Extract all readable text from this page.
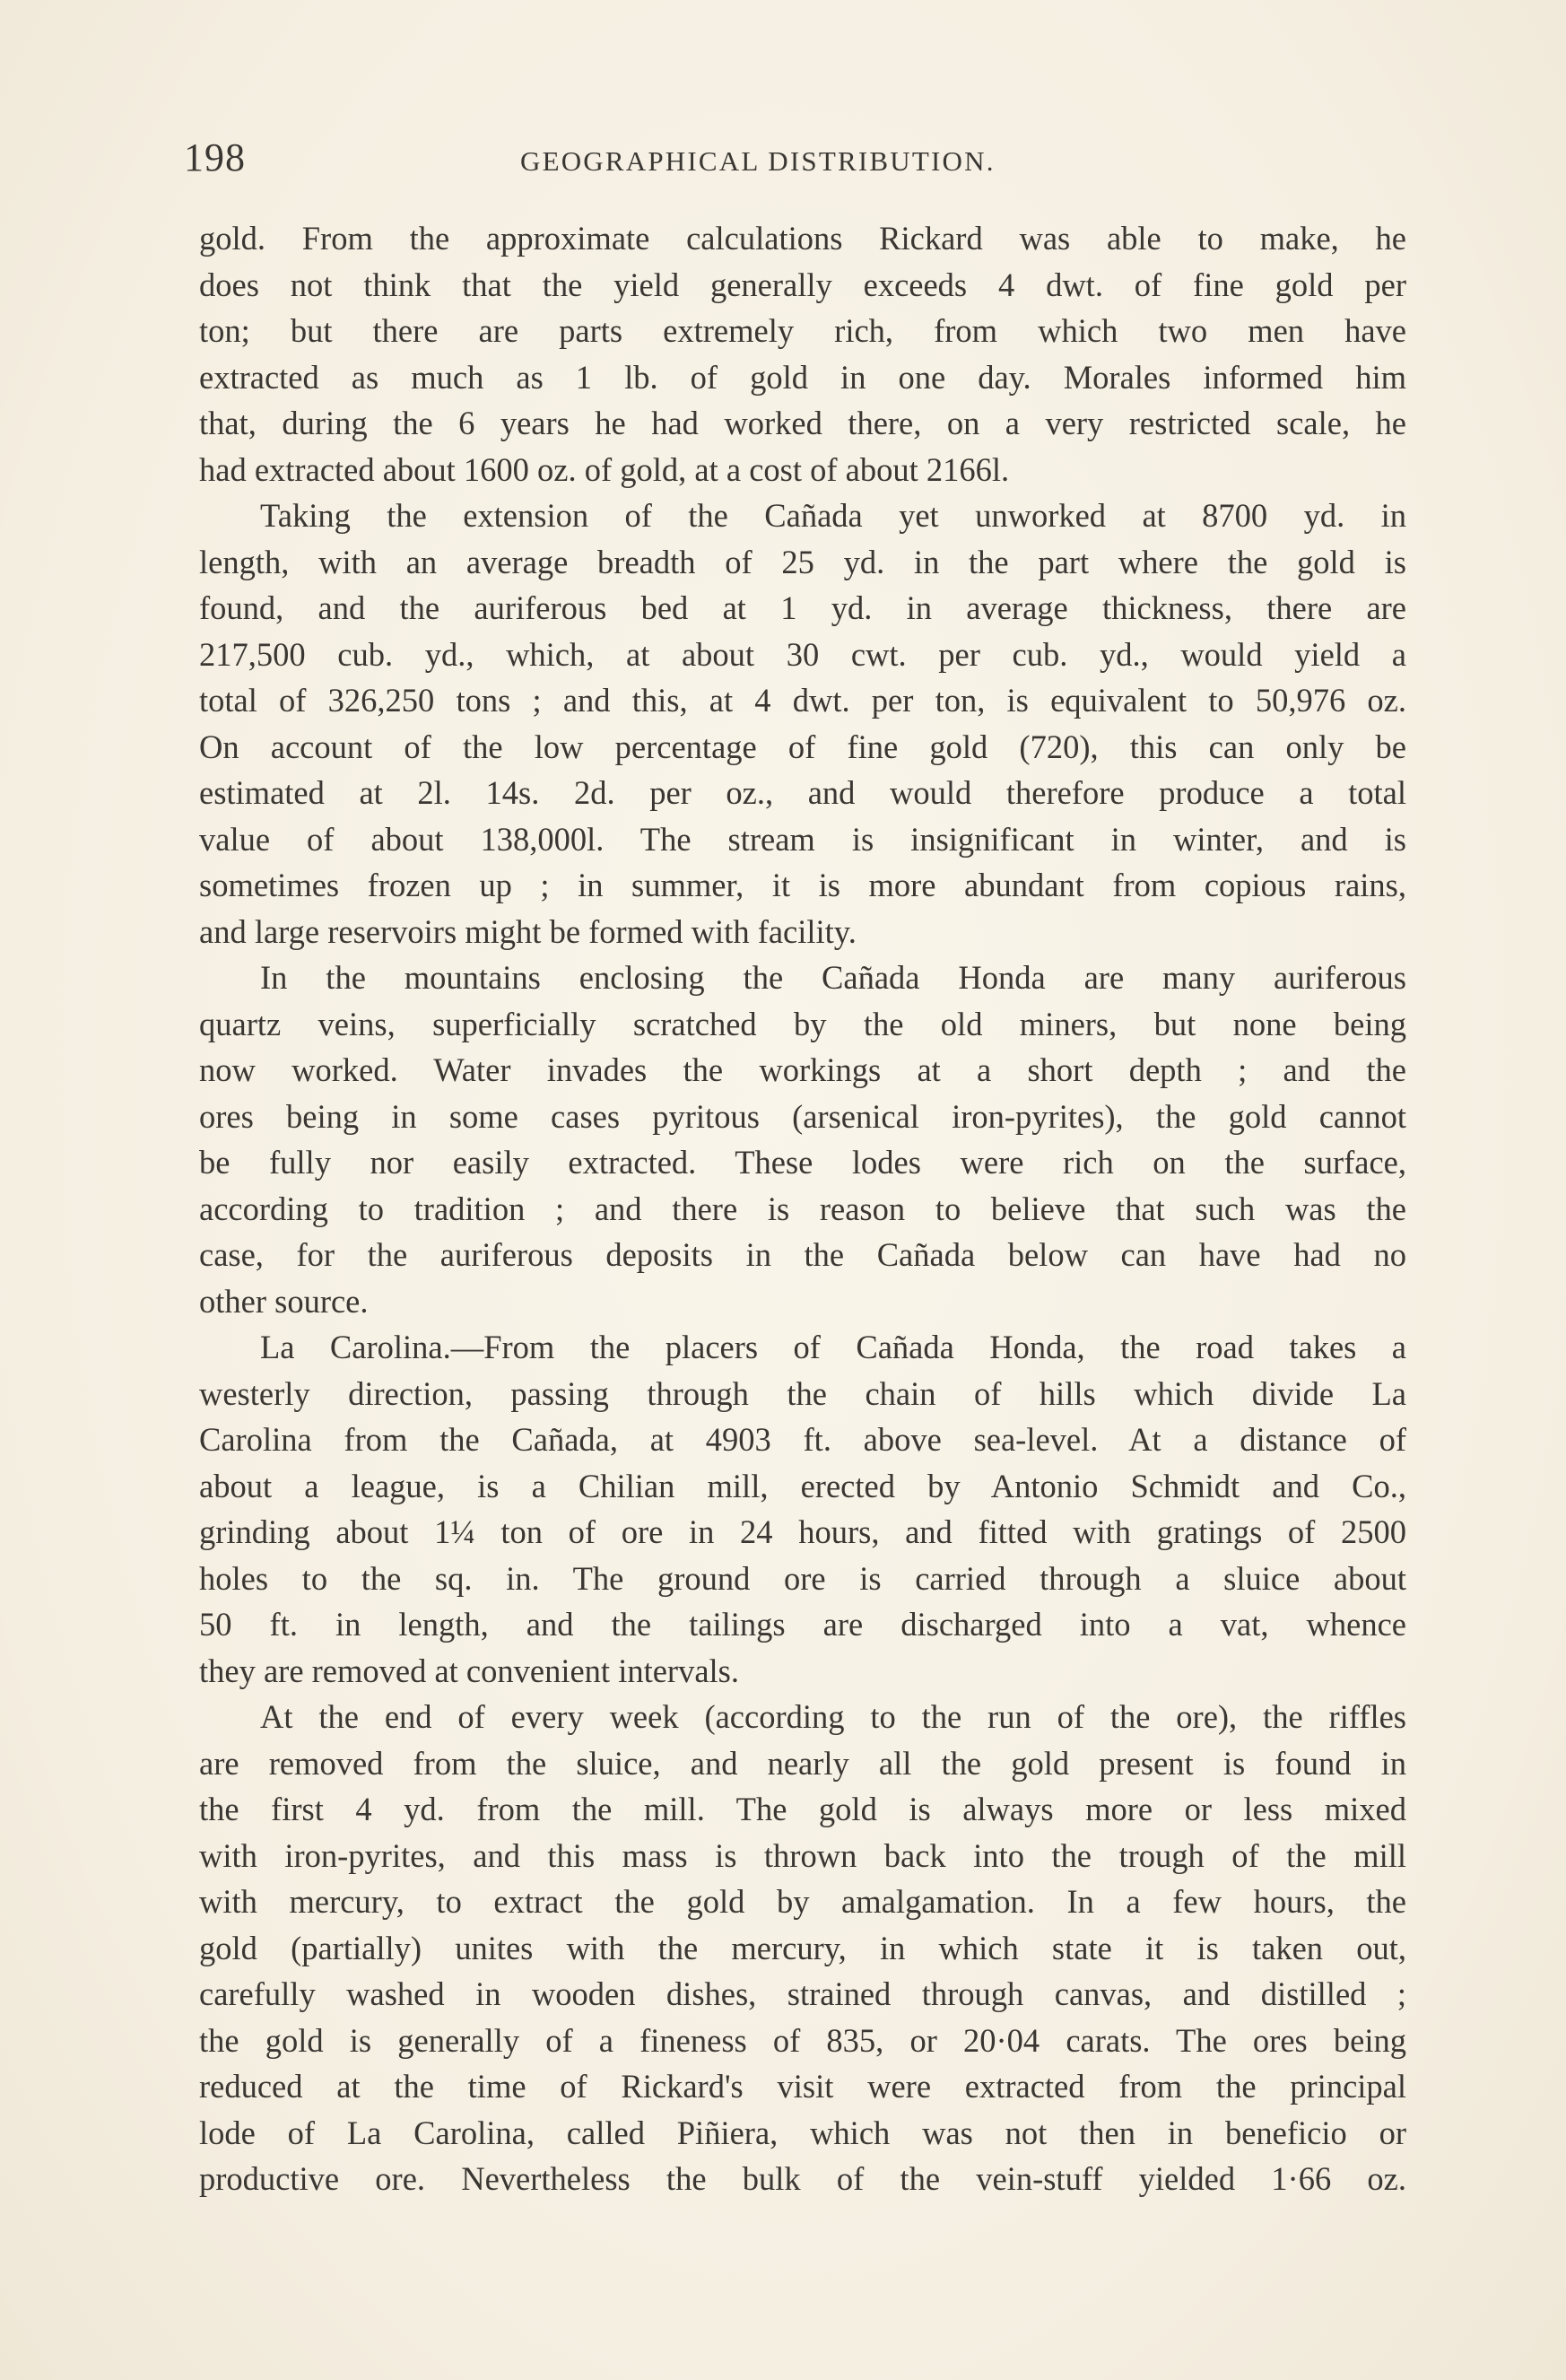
198	GEOGRAPHICAL DISTRIBUTION.
gold. From the approximate calculations Rickard was able to make, he
does not think that the yield generally exceeds 4 dwt. of fine gold per
ton; but there are parts extremely rich, from which two men have
extracted as much as 1 lb. of gold in one day. Morales informed him
that, during the 6 years he had worked there, on a very restricted scale, he
had extracted about 1600 oz. of gold, at a cost of about 2166l.
Taking the extension of the Cañada yet unworked at 8700 yd. in
length, with an average breadth of 25 yd. in the part where the gold is
found, and the auriferous bed at 1 yd. in average thickness, there are
217,500 cub. yd., which, at about 30 cwt. per cub. yd., would yield a
total of 326,250 tons ; and this, at 4 dwt. per ton, is equivalent to 50,976 oz.
On account of the low percentage of fine gold (720), this can only be
estimated at 2l. 14s. 2d. per oz., and would therefore produce a total
value of about 138,000l. The stream is insignificant in winter, and is
sometimes frozen up ; in summer, it is more abundant from copious rains,
and large reservoirs might be formed with facility.
In the mountains enclosing the Cañada Honda are many auriferous
quartz veins, superficially scratched by the old miners, but none being
now worked. Water invades the workings at a short depth ; and the
ores being in some cases pyritous (arsenical iron-pyrites), the gold cannot
be fully nor easily extracted. These lodes were rich on the surface,
according to tradition ; and there is reason to believe that such was the
case, for the auriferous deposits in the Cañada below can have had no
other source.
La Carolina.—From the placers of Cañada Honda, the road takes a
westerly direction, passing through the chain of hills which divide La
Carolina from the Cañada, at 4903 ft. above sea-level. At a distance of
about a league, is a Chilian mill, erected by Antonio Schmidt and Co.,
grinding about 1¼ ton of ore in 24 hours, and fitted with gratings of 2500
holes to the sq. in. The ground ore is carried through a sluice about
50 ft. in length, and the tailings are discharged into a vat, whence
they are removed at convenient intervals.
At the end of every week (according to the run of the ore), the riffles
are removed from the sluice, and nearly all the gold present is found in
the first 4 yd. from the mill. The gold is always more or less mixed
with iron-pyrites, and this mass is thrown back into the trough of the mill
with mercury, to extract the gold by amalgamation. In a few hours, the
gold (partially) unites with the mercury, in which state it is taken out,
carefully washed in wooden dishes, strained through canvas, and distilled ;
the gold is generally of a fineness of 835, or 20·04 carats. The ores being
reduced at the time of Rickard's visit were extracted from the principal
lode of La Carolina, called Piñiera, which was not then in beneficio or
productive ore. Nevertheless the bulk of the vein-stuff yielded 1·66 oz.
